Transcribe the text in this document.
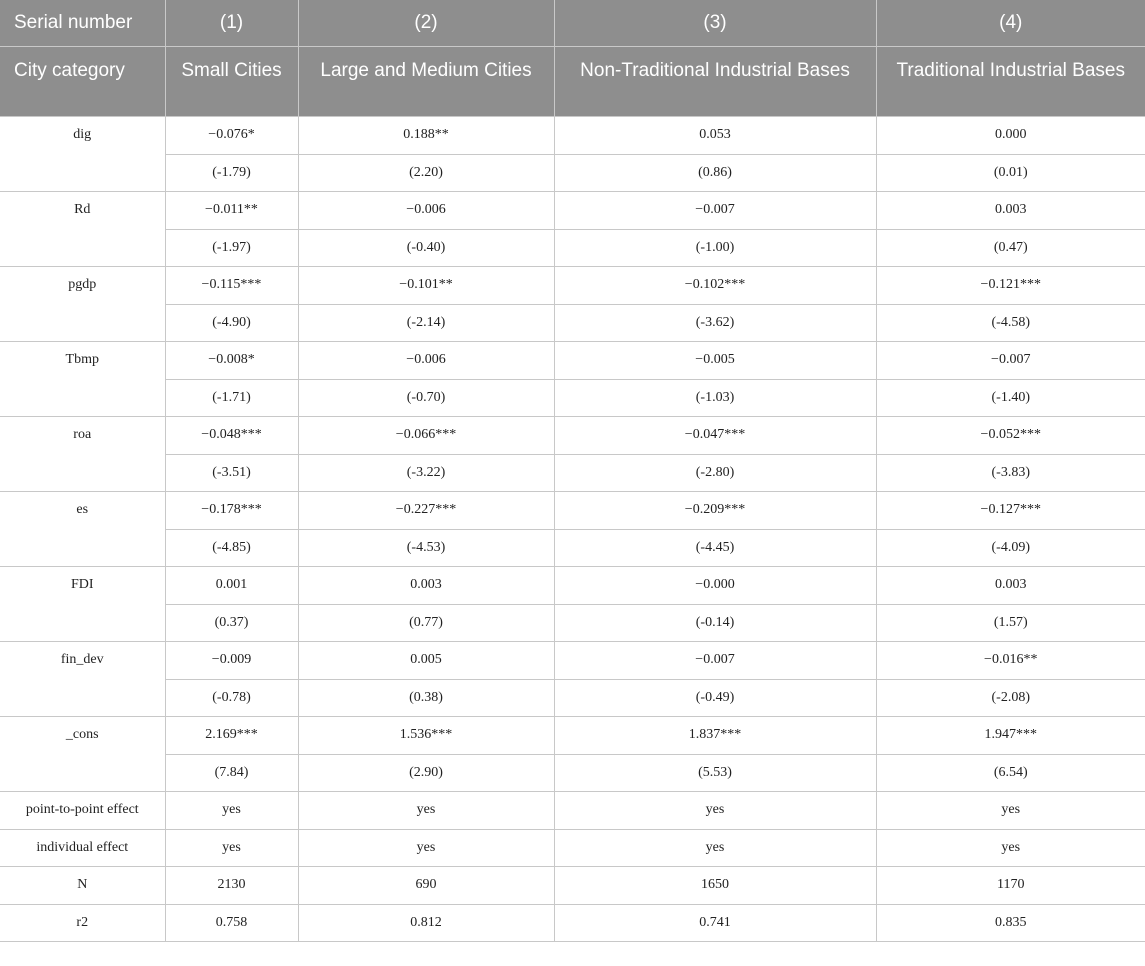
Serial number	(1)	(2)	(3)	(4)
City category	Small Cities	Large and Medium Cities	Non-Traditional Industrial Bases	Traditional Industrial Bases
dig	−0.076*	0.188**	0.053	0.000
	(-1.79)	(2.20)	(0.86)	(0.01)
Rd	−0.011**	−0.006	−0.007	0.003
	(-1.97)	(-0.40)	(-1.00)	(0.47)
pgdp	−0.115***	−0.101**	−0.102***	−0.121***
	(-4.90)	(-2.14)	(-3.62)	(-4.58)
Tbmp	−0.008*	−0.006	−0.005	−0.007
	(-1.71)	(-0.70)	(-1.03)	(-1.40)
roa	−0.048***	−0.066***	−0.047***	−0.052***
	(-3.51)	(-3.22)	(-2.80)	(-3.83)
es	−0.178***	−0.227***	−0.209***	−0.127***
	(-4.85)	(-4.53)	(-4.45)	(-4.09)
FDI	0.001	0.003	−0.000	0.003
	(0.37)	(0.77)	(-0.14)	(1.57)
fin_dev	−0.009	0.005	−0.007	−0.016**
	(-0.78)	(0.38)	(-0.49)	(-2.08)
_cons	2.169***	1.536***	1.837***	1.947***
	(7.84)	(2.90)	(5.53)	(6.54)
point-to-point effect	yes	yes	yes	yes
individual effect	yes	yes	yes	yes
N	2130	690	1650	1170
r2	0.758	0.812	0.741	0.835
